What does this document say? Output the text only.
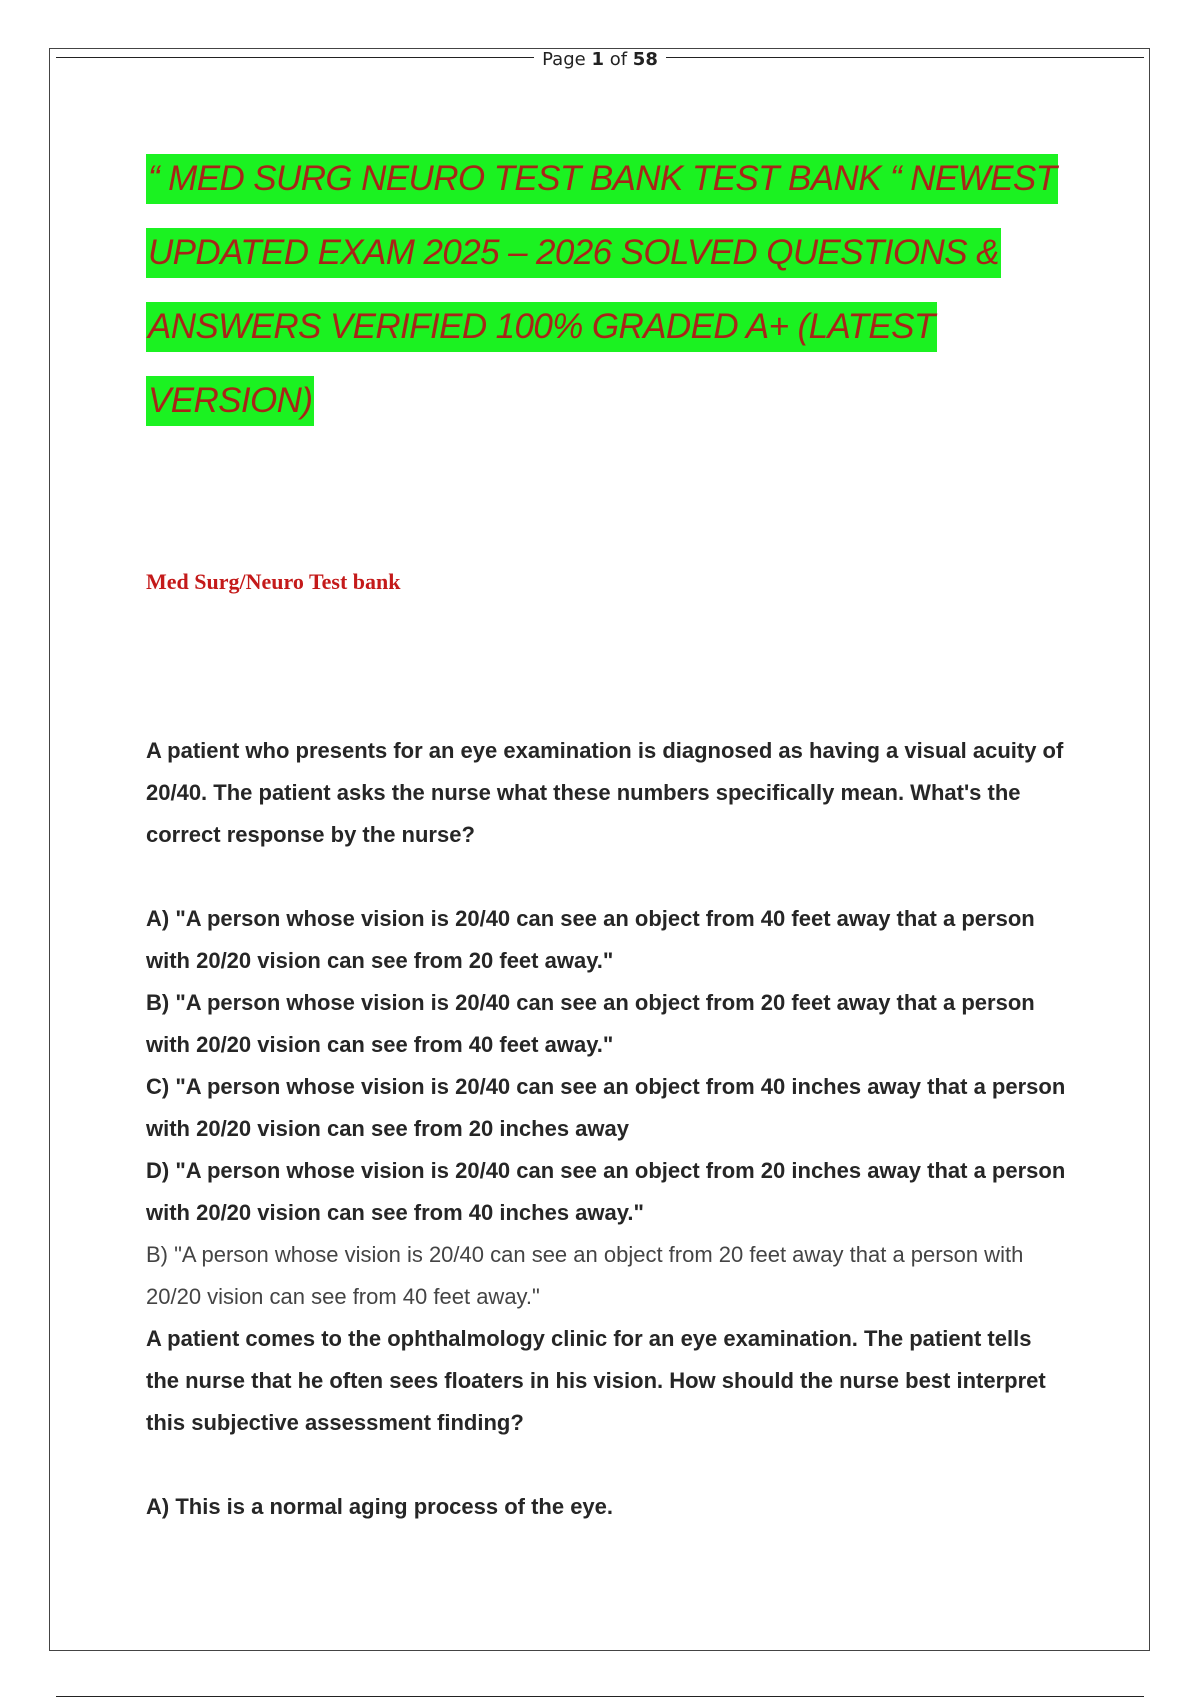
Page 1 of 58
“ MED SURG NEURO TEST BANK TEST BANK “ NEWEST
UPDATED EXAM 2025 – 2026 SOLVED QUESTIONS &
ANSWERS VERIFIED 100% GRADED A+ (LATEST
VERSION)
Med Surg/Neuro Test bank

A patient who presents for an eye examination is diagnosed as having a visual acuity of 20/40. The patient asks the nurse what these numbers specifically mean. What's the correct response by the nurse?

A) "A person whose vision is 20/40 can see an object from 40 feet away that a person with 20/20 vision can see from 20 feet away."

B) "A person whose vision is 20/40 can see an object from 20 feet away that a person with 20/20 vision can see from 40 feet away."

C) "A person whose vision is 20/40 can see an object from 40 inches away that a person with 20/20 vision can see from 20 inches away

D) "A person whose vision is 20/40 can see an object from 20 inches away that a person with 20/20 vision can see from 40 inches away."

B) "A person whose vision is 20/40 can see an object from 20 feet away that a person with 20/20 vision can see from 40 feet away."

A patient comes to the ophthalmology clinic for an eye examination. The patient tells the nurse that he often sees floaters in his vision. How should the nurse best interpret this subjective assessment finding?

A) This is a normal aging process of the eye.
